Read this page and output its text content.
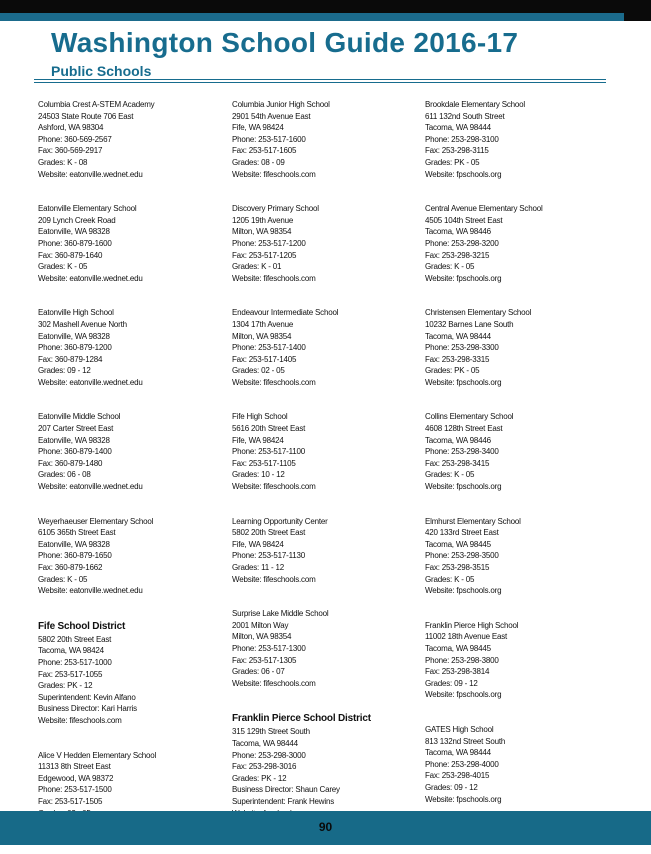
Washington School Guide 2016-17
Public Schools
Columbia Crest A-STEM Academy
24503 State Route 706 East
Ashford, WA 98304
Phone: 360-569-2567
Fax: 360-569-2917
Grades: K - 08
Website: eatonville.wednet.edu
Eatonville Elementary School
209 Lynch Creek Road
Eatonville, WA 98328
Phone: 360-879-1600
Fax: 360-879-1640
Grades: K - 05
Website: eatonville.wednet.edu
Eatonville High School
302 Mashell Avenue North
Eatonville, WA 98328
Phone: 360-879-1200
Fax: 360-879-1284
Grades: 09 - 12
Website: eatonville.wednet.edu
Eatonville Middle School
207 Carter Street East
Eatonville, WA 98328
Phone: 360-879-1400
Fax: 360-879-1480
Grades: 06 - 08
Website: eatonville.wednet.edu
Weyerhaeuser Elementary School
6105 365th Street East
Eatonville, WA 98328
Phone: 360-879-1650
Fax: 360-879-1662
Grades: K - 05
Website: eatonville.wednet.edu
Fife School District
5802 20th Street East
Tacoma, WA 98424
Phone: 253-517-1000
Fax: 253-517-1055
Grades: PK - 12
Superintendent: Kevin Alfano
Business Director: Kari Harris
Website: fifeschools.com
Alice V Hedden Elementary School
11313 8th Street East
Edgewood, WA 98372
Phone: 253-517-1500
Fax: 253-517-1505
Columbia Junior High School
2901 54th Avenue East
Fife, WA 98424
Phone: 253-517-1600
Fax: 253-517-1605
Grades: 08 - 09
Website: fifeschools.com
Discovery Primary School
1205 19th Avenue
Milton, WA 98354
Phone: 253-517-1200
Fax: 253-517-1205
Grades: K - 01
Website: fifeschools.com
Endeavour Intermediate School
1304 17th Avenue
Milton, WA 98354
Phone: 253-517-1400
Fax: 253-517-1405
Grades: 02 - 05
Website: fifeschools.com
Fife High School
5616 20th Street East
Fife, WA 98424
Phone: 253-517-1100
Fax: 253-517-1105
Grades: 10 - 12
Website: fifeschools.com
Learning Opportunity Center
5802 20th Street East
Fife, WA 98424
Phone: 253-517-1130
Grades: 11 - 12
Website: fifeschools.com
Surprise Lake Middle School
2001 Milton Way
Milton, WA 98354
Phone: 253-517-1300
Fax: 253-517-1305
Grades: 06 - 07
Website: fifeschools.com
Franklin Pierce School District
315 129th Street South
Tacoma, WA 98444
Phone: 253-298-3000
Fax: 253-298-3016
Grades: PK - 12
Business Director: Shaun Carey
Superintendent: Frank Hewins
Brookdale Elementary School
611 132nd South Street
Tacoma, WA 98444
Phone: 253-298-3100
Fax: 253-298-3115
Grades: PK - 05
Website: fpschools.org
Central Avenue Elementary School
4505 104th Street East
Tacoma, WA 98446
Phone: 253-298-3200
Fax: 253-298-3215
Grades: K - 05
Website: fpschools.org
Christensen Elementary School
10232 Barnes Lane South
Tacoma, WA 98444
Phone: 253-298-3300
Fax: 253-298-3315
Grades: PK - 05
Website: fpschools.org
Collins Elementary School
4608 128th Street East
Tacoma, WA 98446
Phone: 253-298-3400
Fax: 253-298-3415
Grades: K - 05
Website: fpschools.org
Elmhurst Elementary School
420 133rd Street East
Tacoma, WA 98445
Phone: 253-298-3500
Fax: 253-298-3515
Grades: K - 05
Website: fpschools.org
Franklin Pierce High School
11002 18th Avenue East
Tacoma, WA 98445
Phone: 253-298-3800
Fax: 253-298-3814
Grades: 09 - 12
Website: fpschools.org
GATES High School
813 132nd Street South
Tacoma, WA 98444
Phone: 253-298-4000
Fax: 253-298-4015
Grades: 09 - 12
Website: fpschools.org
90
